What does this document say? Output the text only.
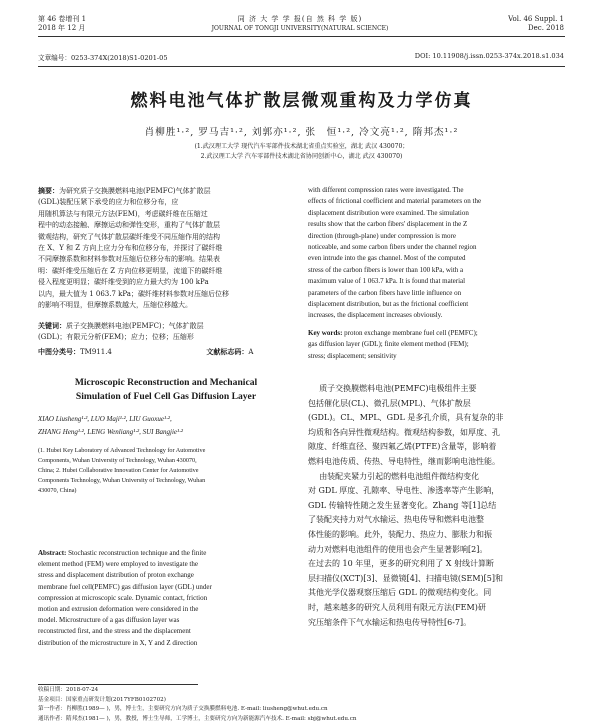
第 46 卷增刊 1
2018 年 12 月
同 济 大 学 学 报(自 然 科 学 版)
JOURNAL OF TONGJI UNIVERSITY(NATURAL SCIENCE)
Vol. 46 Suppl. 1
Dec. 2018
文章编号：0253-374X(2018)S1-0201-05	DOI: 10.11908/j.issn.0253-374x.2018.s1.034
燃料电池气体扩散层微观重构及力学仿真
肖柳胜¹·², 罗马吉¹·², 刘郭亦¹·², 张　恒¹·², 冷文亮¹·², 隋邦杰¹·²
(1.武汉理工大学 现代汽车零部件技术湖北省重点实验室，湖北 武汉 430070；
2.武汉理工大学 汽车零部件技术湖北省协同创新中心，湖北 武汉 430070)
摘要：为研究质子交换膜燃料电池(PEMFC)气体扩散层
(GDL)装配压紧下承受的应力和位移分布，应
用随机算法与有限元方法(FEM)，考虑碳纤维在压缩过
程中的动态接触、摩擦运动和弹性变形，重构了气体扩散层
微观结构，研究了气体扩散层碳纤维受不同压缩作用的结构
在 X、Y 和 Z 方向上应力分布和位移分布，并探讨了碳纤维
不同摩擦系数和材料参数对压缩后位移分布的影响。结果表
明：碳纤维受压缩后在 Z 方向位移更明显，流道下的碳纤维
侵入程度更明显；碳纤维受到的应力最大约为 100 kPa
以内，最大值为 1 063.7 kPa；碳纤维材料参数对压缩后位移
的影响不明显，但摩擦系数越大，压缩位移越大。
关键词：质子交换膜燃料电池(PEMFC)；气体扩散层
(GDL)；有限元分析(FEM)；应力；位移；压缩形
中图分类号：TM911.4	文献标志码：A
Microscopic Reconstruction and Mechanical
Simulation of Fuel Cell Gas Diffusion Layer
XIAO Liusheng¹·², LUO Maji¹·², LIU Guoxue¹·²,
ZHANG Heng¹·², LENG Wenliang¹·², SUI Bangjie¹·²
(1. Hubei Key Laboratory of Advanced Technology for Automotive
Components, Wuhan University of Technology, Wuhan 430070,
China; 2. Hubei Collaborative Innovation Center for Automotive
Components Technology, Wuhan University of Technology, Wuhan
430070, China)
Abstract: Stochastic reconstruction technique and the finite
element method (FEM) were employed to investigate the
stress and displacement distribution of proton exchange
membrane fuel cell(PEMFC) gas diffusion layer (GDL) under
compression at microscopic scale. Dynamic contact, friction
motion and extrusion deformation were considered in the
model. Microstructure of a gas diffusion layer was
reconstructed first, and the stress and the displacement
distribution of the microstructure in X, Y and Z direction
with different compression rates were investigated. The
effects of frictional coefficient and material parameters on the
displacement distribution were examined. The simulation
results show that the carbon fibers' displacement in the Z
direction (through-plane) under compression is more
noticeable, and some carbon fibers under the channel region
even intrude into the gas channel. Most of the computed
stress of the carbon fibers is lower than 100 kPa, with a
maximum value of 1 063.7 kPa. It is found that material
parameters of the carbon fibers have little influence on
displacement distribution, but as the frictional coefficient
increases, the displacement increases obviously.
Key words: proton exchange membrane fuel cell (PEMFC);
gas diffusion layer (GDL); finite element method (FEM);
stress; displacement; sensitivity
质子交换膜燃料电池(PEMFC)电极组件主要
包括催化层(CL)、微孔层(MPL)、气体扩散层
(GDL)。CL、MPL、GDL 是多孔介质，具有复杂的非
均质和各向异性微观结构。微观结构参数，如厚度、孔
隙度、纤维直径、聚四氟乙烯(PTFE)含量等，影响着
燃料电池传质、传热、导电特性，继而影响电池性能。
由装配夹紧力引起的燃料电池组件微结构变化
对 GDL 厚度、孔隙率、导电性、渗透率等产生影响，
GDL 传输特性随之发生显著变化。Zhang 等[1]总结
了装配夹持力对气水输运、热电传导和燃料电池整
体性能的影响。此外，装配力、热应力、膨胀力和振
动力对燃料电池组件的使用也会产生显著影响[2]。
在过去的 10 年里，更多的研究利用了 X 射线计算断
层扫描仪(XCT)[3]、显微镜[4]、扫描电镜(SEM)[5]和
其他光学仪器观察压缩后 GDL 的微观结构变化。同
时，越来越多的研究人员利用有限元方法(FEM)研
究压缩条件下气水输运和热电传导特性[6-7]。
收稿日期：2018-07-24
基金项目：国家重点研发计划(2017YFB0102702)
第一作者：肖柳胜(1989— )，男，博士生，主要研究方向为质子交换膜燃料电池. E-mail: liusheng@whut.edu.cn
通讯作者：隋邦杰(1981— )，男，教授，博士生导师，工学博士，主要研究方向为新能源汽车技术. E-mail: sbj@whut.edu.cn
